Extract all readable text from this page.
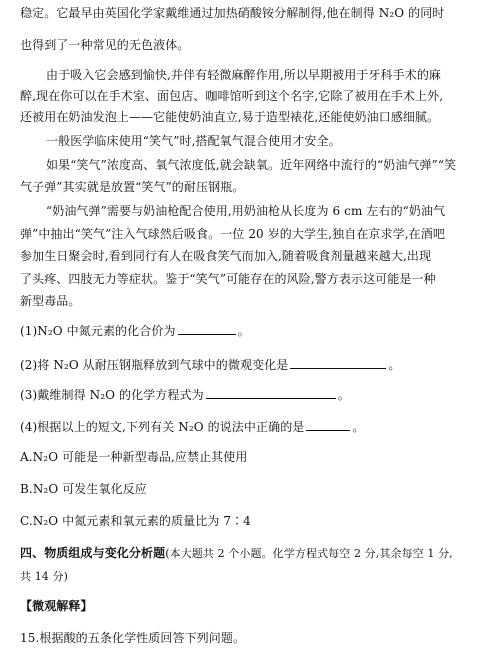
稳定。它最早由英国化学家戴维通过加热硝酸铵分解制得,他在制得 N₂O 的同时
也得到了一种常见的无色液体。
由于吸入它会感到愉快,并伴有轻微麻醉作用,所以早期被用于牙科手术的麻
醉,现在你可以在手术室、面包店、咖啡馆听到这个名字,它除了被用在手术上外,
还被用在奶油发泡上——它能使奶油直立,易于造型裱花,还能使奶油口感细腻。
一般医学临床使用“笑气”时,搭配氧气混合使用才安全。
如果“笑气”浓度高、氧气浓度低,就会缺氧。近年网络中流行的“奶油气弹”“笑
气子弹”其实就是放置“笑气”的耐压钢瓶。
“奶油气弹”需要与奶油枪配合使用,用奶油枪从长度为 6 cm 左右的“奶油气
弹”中抽出“笑气”注入气球然后吸食。一位 20 岁的大学生,独自在京求学,在酒吧
参加生日聚会时,看到同行有人在吸食笑气而加入,随着吸食剂量越来越大,出现
了头疼、四肢无力等症状。鉴于“笑气”可能存在的风险,警方表示这可能是一种
新型毒品。
(1)N₂O 中氮元素的化合价为	。
(2)将 N₂O 从耐压钢瓶释放到气球中的微观变化是	。
(3)戴维制得 N₂O 的化学方程式为	。
(4)根据以上的短文,下列有关 N₂O 的说法中正确的是	。
A.N₂O 可能是一种新型毒品,应禁止其使用
B.N₂O 可发生氧化反应
C.N₂O 中氮元素和氧元素的质量比为 7∶4
四、物质组成与变化分析题(本大题共 2 个小题。化学方程式每空 2 分,其余每空 1 分,
共 14 分)
【微观解释】
15.根据酸的五条化学性质回答下列问题。
